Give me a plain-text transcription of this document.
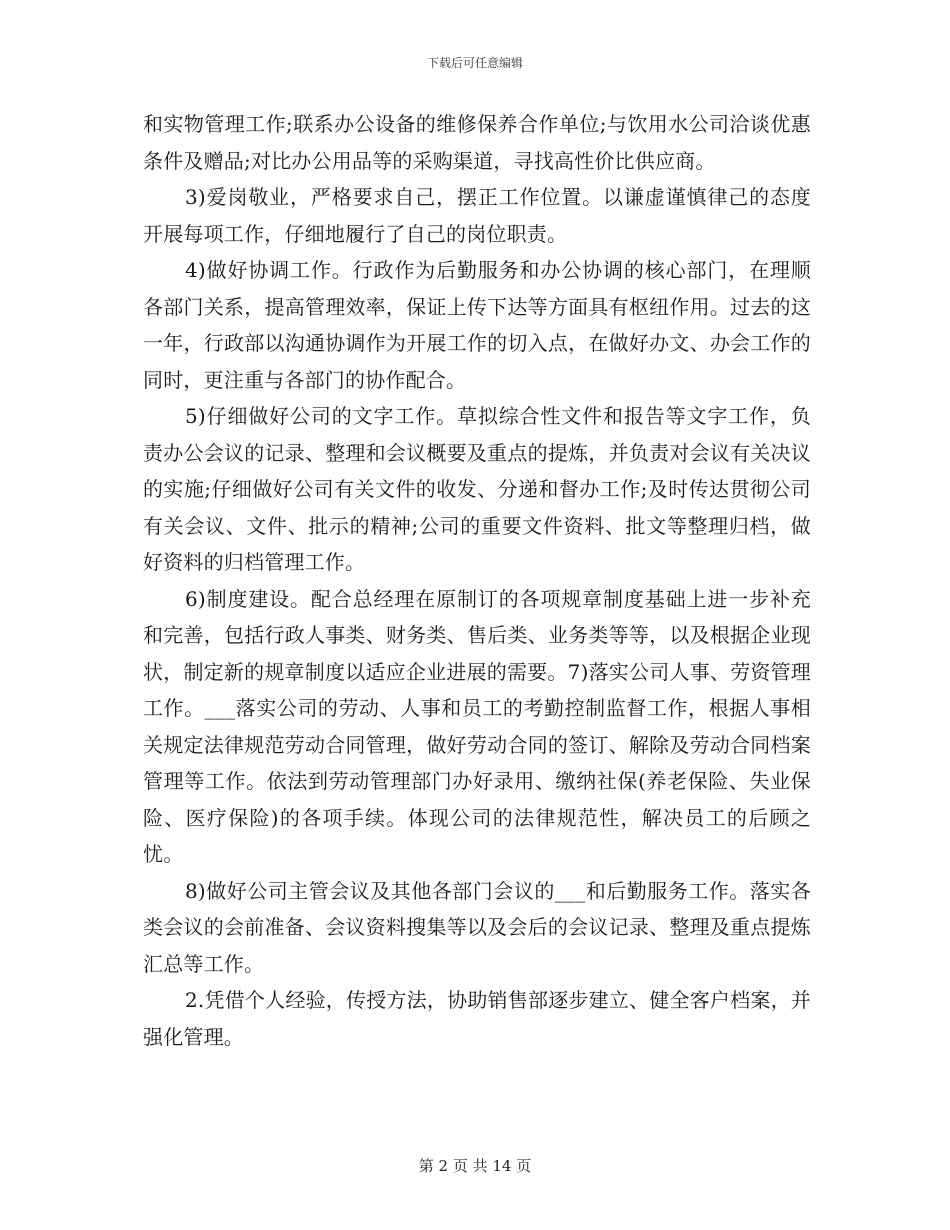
下载后可任意编辑

和实物管理工作;联系办公设备的维修保养合作单位;与饮用水公司洽谈优惠条件及赠品;对比办公用品等的采购渠道，寻找高性价比供应商。

3)爱岗敬业，严格要求自己，摆正工作位置。以谦虚谨慎律己的态度开展每项工作，仔细地履行了自己的岗位职责。

4)做好协调工作。行政作为后勤服务和办公协调的核心部门，在理顺各部门关系，提高管理效率，保证上传下达等方面具有枢纽作用。过去的这一年，行政部以沟通协调作为开展工作的切入点，在做好办文、办会工作的同时，更注重与各部门的协作配合。

5)仔细做好公司的文字工作。草拟综合性文件和报告等文字工作，负责办公会议的记录、整理和会议概要及重点的提炼，并负责对会议有关决议的实施;仔细做好公司有关文件的收发、分递和督办工作;及时传达贯彻公司有关会议、文件、批示的精神;公司的重要文件资料、批文等整理归档，做好资料的归档管理工作。

6)制度建设。配合总经理在原制订的各项规章制度基础上进一步补充和完善，包括行政人事类、财务类、售后类、业务类等等，以及根据企业现状，制定新的规章制度以适应企业进展的需要。7)落实公司人事、劳资管理工作。___落实公司的劳动、人事和员工的考勤控制监督工作，根据人事相关规定法律规范劳动合同管理，做好劳动合同的签订、解除及劳动合同档案管理等工作。依法到劳动管理部门办好录用、缴纳社保(养老保险、失业保险、医疗保险)的各项手续。体现公司的法律规范性，解决员工的后顾之忧。

8)做好公司主管会议及其他各部门会议的___和后勤服务工作。落实各类会议的会前准备、会议资料搜集等以及会后的会议记录、整理及重点提炼汇总等工作。

2.凭借个人经验，传授方法，协助销售部逐步建立、健全客户档案，并强化管理。

第 2 页 共 14 页
